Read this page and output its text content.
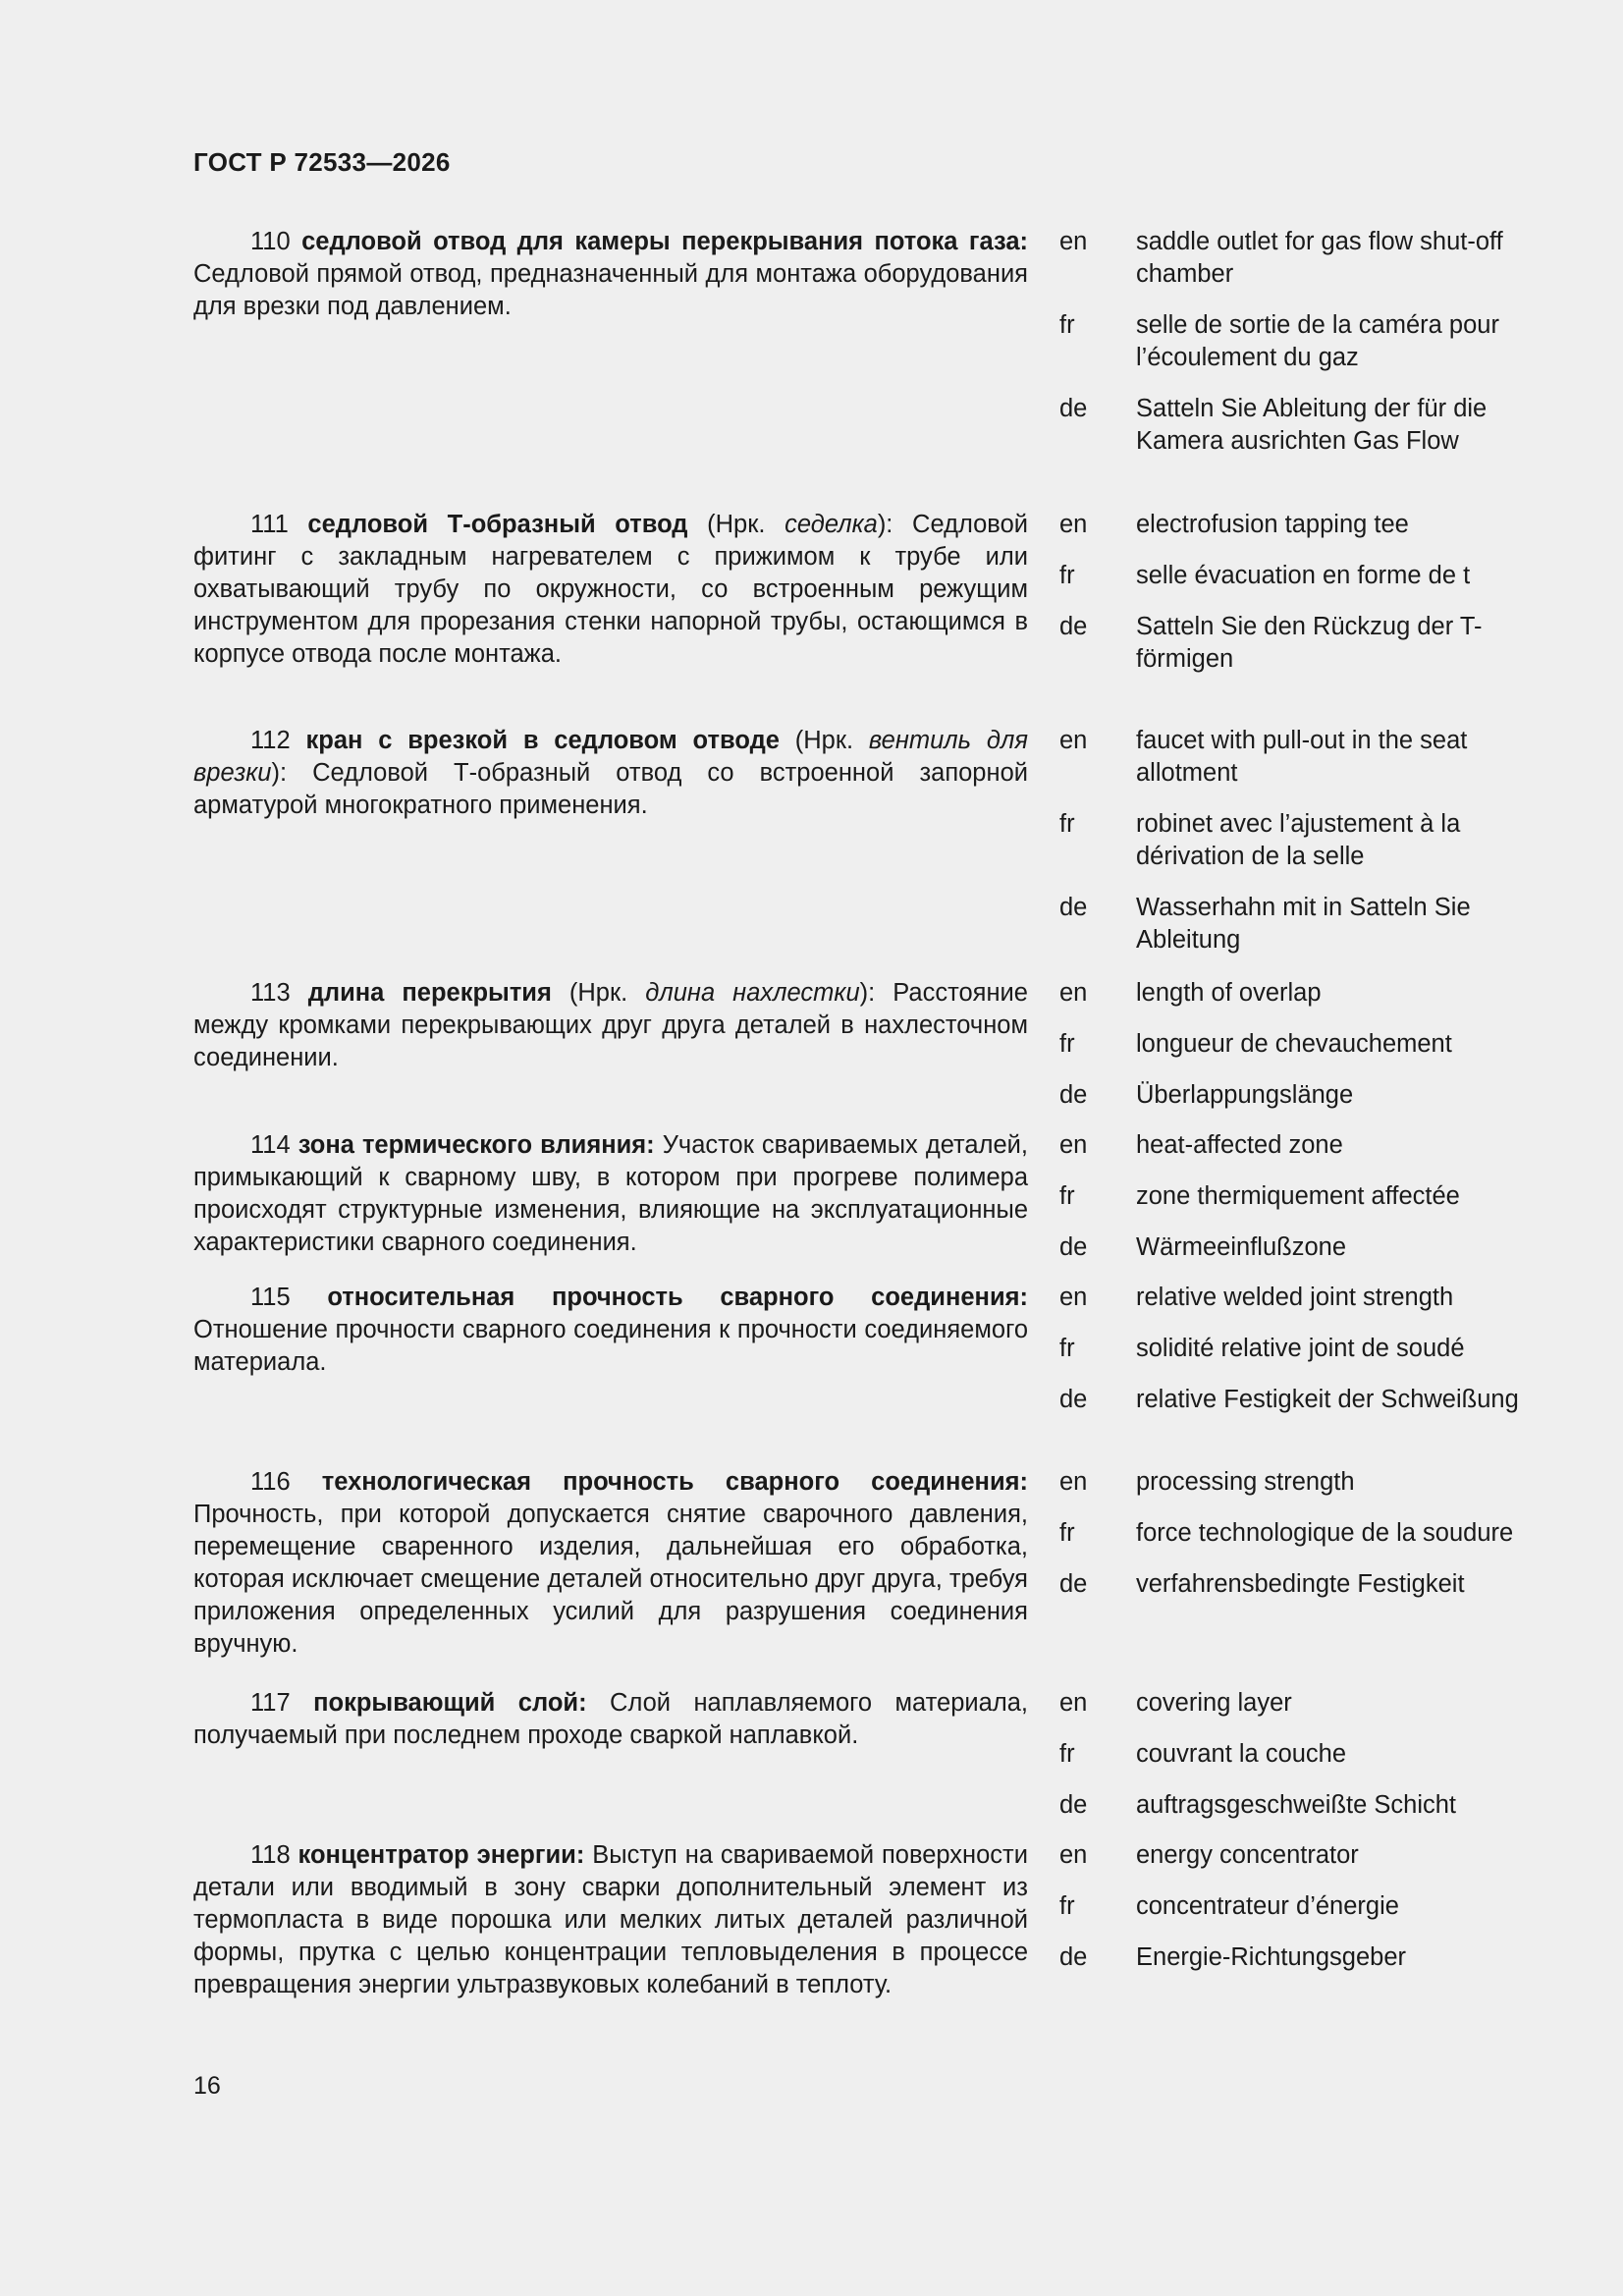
ГОСТ Р 72533—2026
110 седловой отвод для камеры перекрывания потока газа: Седловой прямой отвод, предназначенный для монтажа оборудования для врезки под давлением.
en	saddle outlet for gas flow shut-off chamber
fr	selle de sortie de la caméra pour l’écoulement du gaz
de	Satteln Sie Ableitung der für die Kamera ausrichten Gas Flow
111 седловой Т-образный отвод (Нрк. седелка): Седловой фитинг с закладным нагревателем с прижимом к трубе или охватывающий трубу по окружности, со встроенным режущим инструментом для прорезания стенки напорной трубы, остающимся в корпусе отвода после монтажа.
en	electrofusion tapping tee
fr	selle évacuation en forme de t
de	Satteln Sie den Rückzug der T-förmigen
112 кран с врезкой в седловом отводе (Нрк. вентиль для врезки): Седловой Т-образный отвод со встроенной запорной арматурой многократного применения.
en	faucet with pull-out in the seat allotment
fr	robinet avec l’ajustement à la dérivation de la selle
de	Wasserhahn mit in Satteln Sie Ableitung
113 длина перекрытия (Нрк. длина нахлестки): Расстояние между кромками перекрывающих друг друга деталей в нахлесточном соединении.
en	length of overlap
fr	longueur de chevauchement
de	Überlappungslänge
114 зона термического влияния: Участок свариваемых деталей, примыкающий к сварному шву, в котором при прогреве полимера происходят структурные изменения, влияющие на эксплуатационные характеристики сварного соединения.
en	heat-affected zone
fr	zone thermiquement affectée
de	Wärmeeinflußzone
115 относительная прочность сварного соединения: Отношение прочности сварного соединения к прочности соединяемого материала.
en	relative welded joint strength
fr	solidité relative joint de soudé
de	relative Festigkeit der Schweißung
116 технологическая прочность сварного соединения: Прочность, при которой допускается снятие сварочного давления, перемещение сваренного изделия, дальнейшая его обработка, которая исключает смещение деталей относительно друг друга, требуя приложения определенных усилий для разрушения соединения вручную.
en	processing strength
fr	force technologique de la soudure
de	verfahrensbedingte Festigkeit
117 покрывающий слой: Слой наплавляемого материала, получаемый при последнем проходе сваркой наплавкой.
en	covering layer
fr	couvrant la couche
de	auftragsgeschweißte Schicht
118 концентратор энергии: Выступ на свариваемой поверхности детали или вводимый в зону сварки дополнительный элемент из термопласта в виде порошка или мелких литых деталей различной формы, прутка с целью концентрации тепловыделения в процессе превращения энергии ультразвуковых колебаний в теплоту.
en	energy concentrator
fr	concentrateur d’énergie
de	Energie-Richtungsgeber
16
